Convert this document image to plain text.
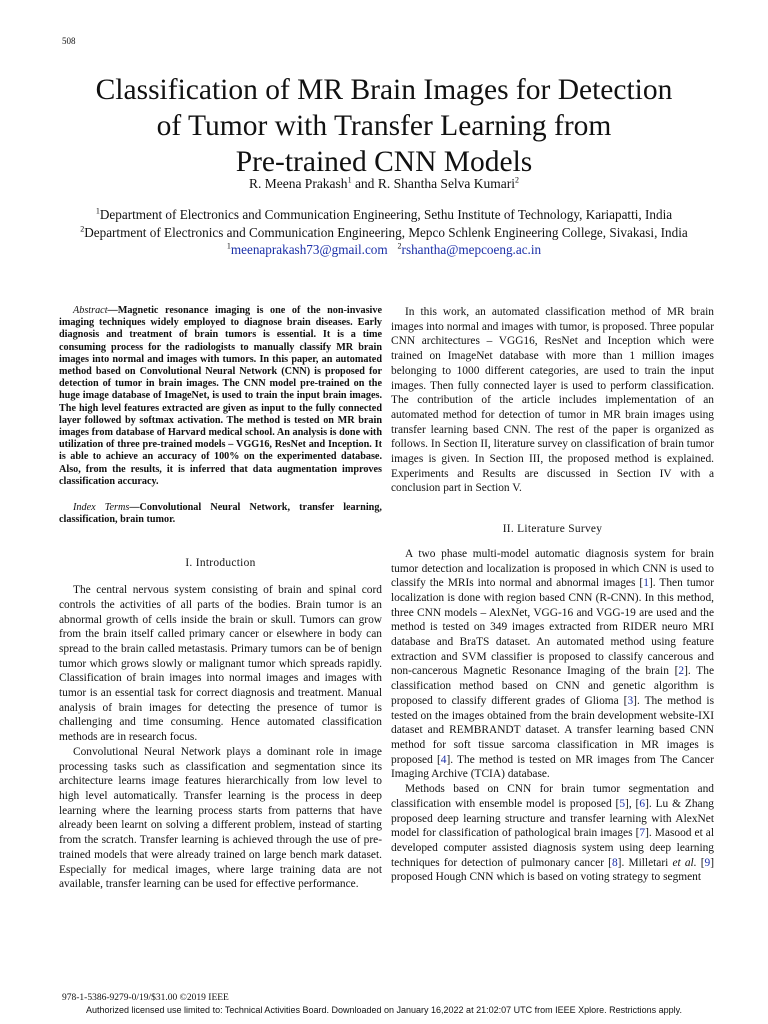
508
Classification of MR Brain Images for Detection
of Tumor with Transfer Learning from
Pre-trained CNN Models
R. Meena Prakash$^1$ and R. Shantha Selva Kumari$^2$
$^1$Department of Electronics and Communication Engineering, Sethu Institute of Technology, Kariapatti, India
$^2$Department of Electronics and Communication Engineering, Mepco Schlenk Engineering College, Sivakasi, India
$^1$meenaprakash73@gmail.com $^2$rshantha@mepcoeng.ac.in

Abstract—Magnetic resonance imaging is one of the non-invasive imaging techniques widely employed to diagnose brain diseases. Early diagnosis and treatment of brain tumors is essential. It is a time consuming process for the radiologists to manually classify MR brain images into normal and images with tumors. In this paper, an automated method based on Convolutional Neural Network (CNN) is proposed for detection of tumor in brain images. The CNN model pre-trained on the huge image database of ImageNet, is used to train the input brain images. The high level features extracted are given as input to the fully connected layer followed by softmax activation. The method is tested on MR brain images from database of Harvard medical school. An analysis is done with utilization of three pre-trained models – VGG16, ResNet and Inception. It is able to achieve an accuracy of 100% on the experimented database. Also, from the results, it is inferred that data augmentation improves classification accuracy.

Index Terms—Convolutional Neural Network, transfer learning, classification, brain tumor.

I. Introduction

The central nervous system consisting of brain and spinal cord controls the activities of all parts of the bodies. Brain tumor is an abnormal growth of cells inside the brain or skull. Tumors can grow from the brain itself called primary cancer or elsewhere in body can spread to the brain called metastasis. Primary tumors can be of benign tumor which grows slowly or malignant tumor which spreads rapidly. Classification of brain images into normal images and images with tumor is an essential task for correct diagnosis and treatment. Manual analysis of brain images for detecting the presence of tumor is challenging and time consuming. Hence automated classification methods are in research focus.

Convolutional Neural Network plays a dominant role in image processing tasks such as classification and segmentation since its architecture learns image features hierarchically from low level to high level automatically. Transfer learning is the process in deep learning where the learning process starts from patterns that have already been learnt on solving a different problem, instead of starting from the scratch. Transfer learning is achieved through the use of pre-trained models that were already trained on large bench mark dataset. Especially for medical images, where large training data are not available, transfer learning can be used for effective performance.

In this work, an automated classification method of MR brain images into normal and images with tumor, is proposed. Three popular CNN architectures – VGG16, ResNet and Inception which were trained on ImageNet database with more than 1 million images belonging to 1000 different categories, are used to train the input images. Then fully connected layer is used to perform classification. The contribution of the article includes implementation of an automated method for detection of tumor in MR brain images using transfer learning based CNN. The rest of the paper is organized as follows. In Section II, literature survey on classification of brain tumor images is given. In Section III, the proposed method is explained. Experiments and Results are discussed in Section IV with a conclusion part in Section V.

II. Literature Survey

A two phase multi-model automatic diagnosis system for brain tumor detection and localization is proposed in which CNN is used to classify the MRIs into normal and abnormal images [1]. Then tumor localization is done with region based CNN (R-CNN). In this method, three CNN models – AlexNet, VGG-16 and VGG-19 are used and the method is tested on 349 images extracted from RIDER neuro MRI database and BraTS dataset. An automated method using feature extraction and SVM classifier is proposed to classify cancerous and non-cancerous Magnetic Resonance Imaging of the brain [2]. The classification method based on CNN and genetic algorithm is proposed to classify different grades of Glioma [3]. The method is tested on the images obtained from the brain development website-IXI dataset and REMBRANDT dataset. A transfer learning based CNN method for soft tissue sarcoma classification in MR images is proposed [4]. The method is tested on MR images from The Cancer Imaging Archive (TCIA) database.

Methods based on CNN for brain tumor segmentation and classification with ensemble model is proposed [5], [6]. Lu & Zhang proposed deep learning structure and transfer learning with AlexNet model for classification of pathological brain images [7]. Masood et al developed computer assisted diagnosis system using deep learning techniques for detection of pulmonary cancer [8]. Milletari et al. [9] proposed Hough CNN which is based on voting strategy to segment

978-1-5386-9279-0/19/$31.00 ©2019 IEEE
Authorized licensed use limited to: Technical Activities Board. Downloaded on January 16,2022 at 21:02:07 UTC from IEEE Xplore. Restrictions apply.
